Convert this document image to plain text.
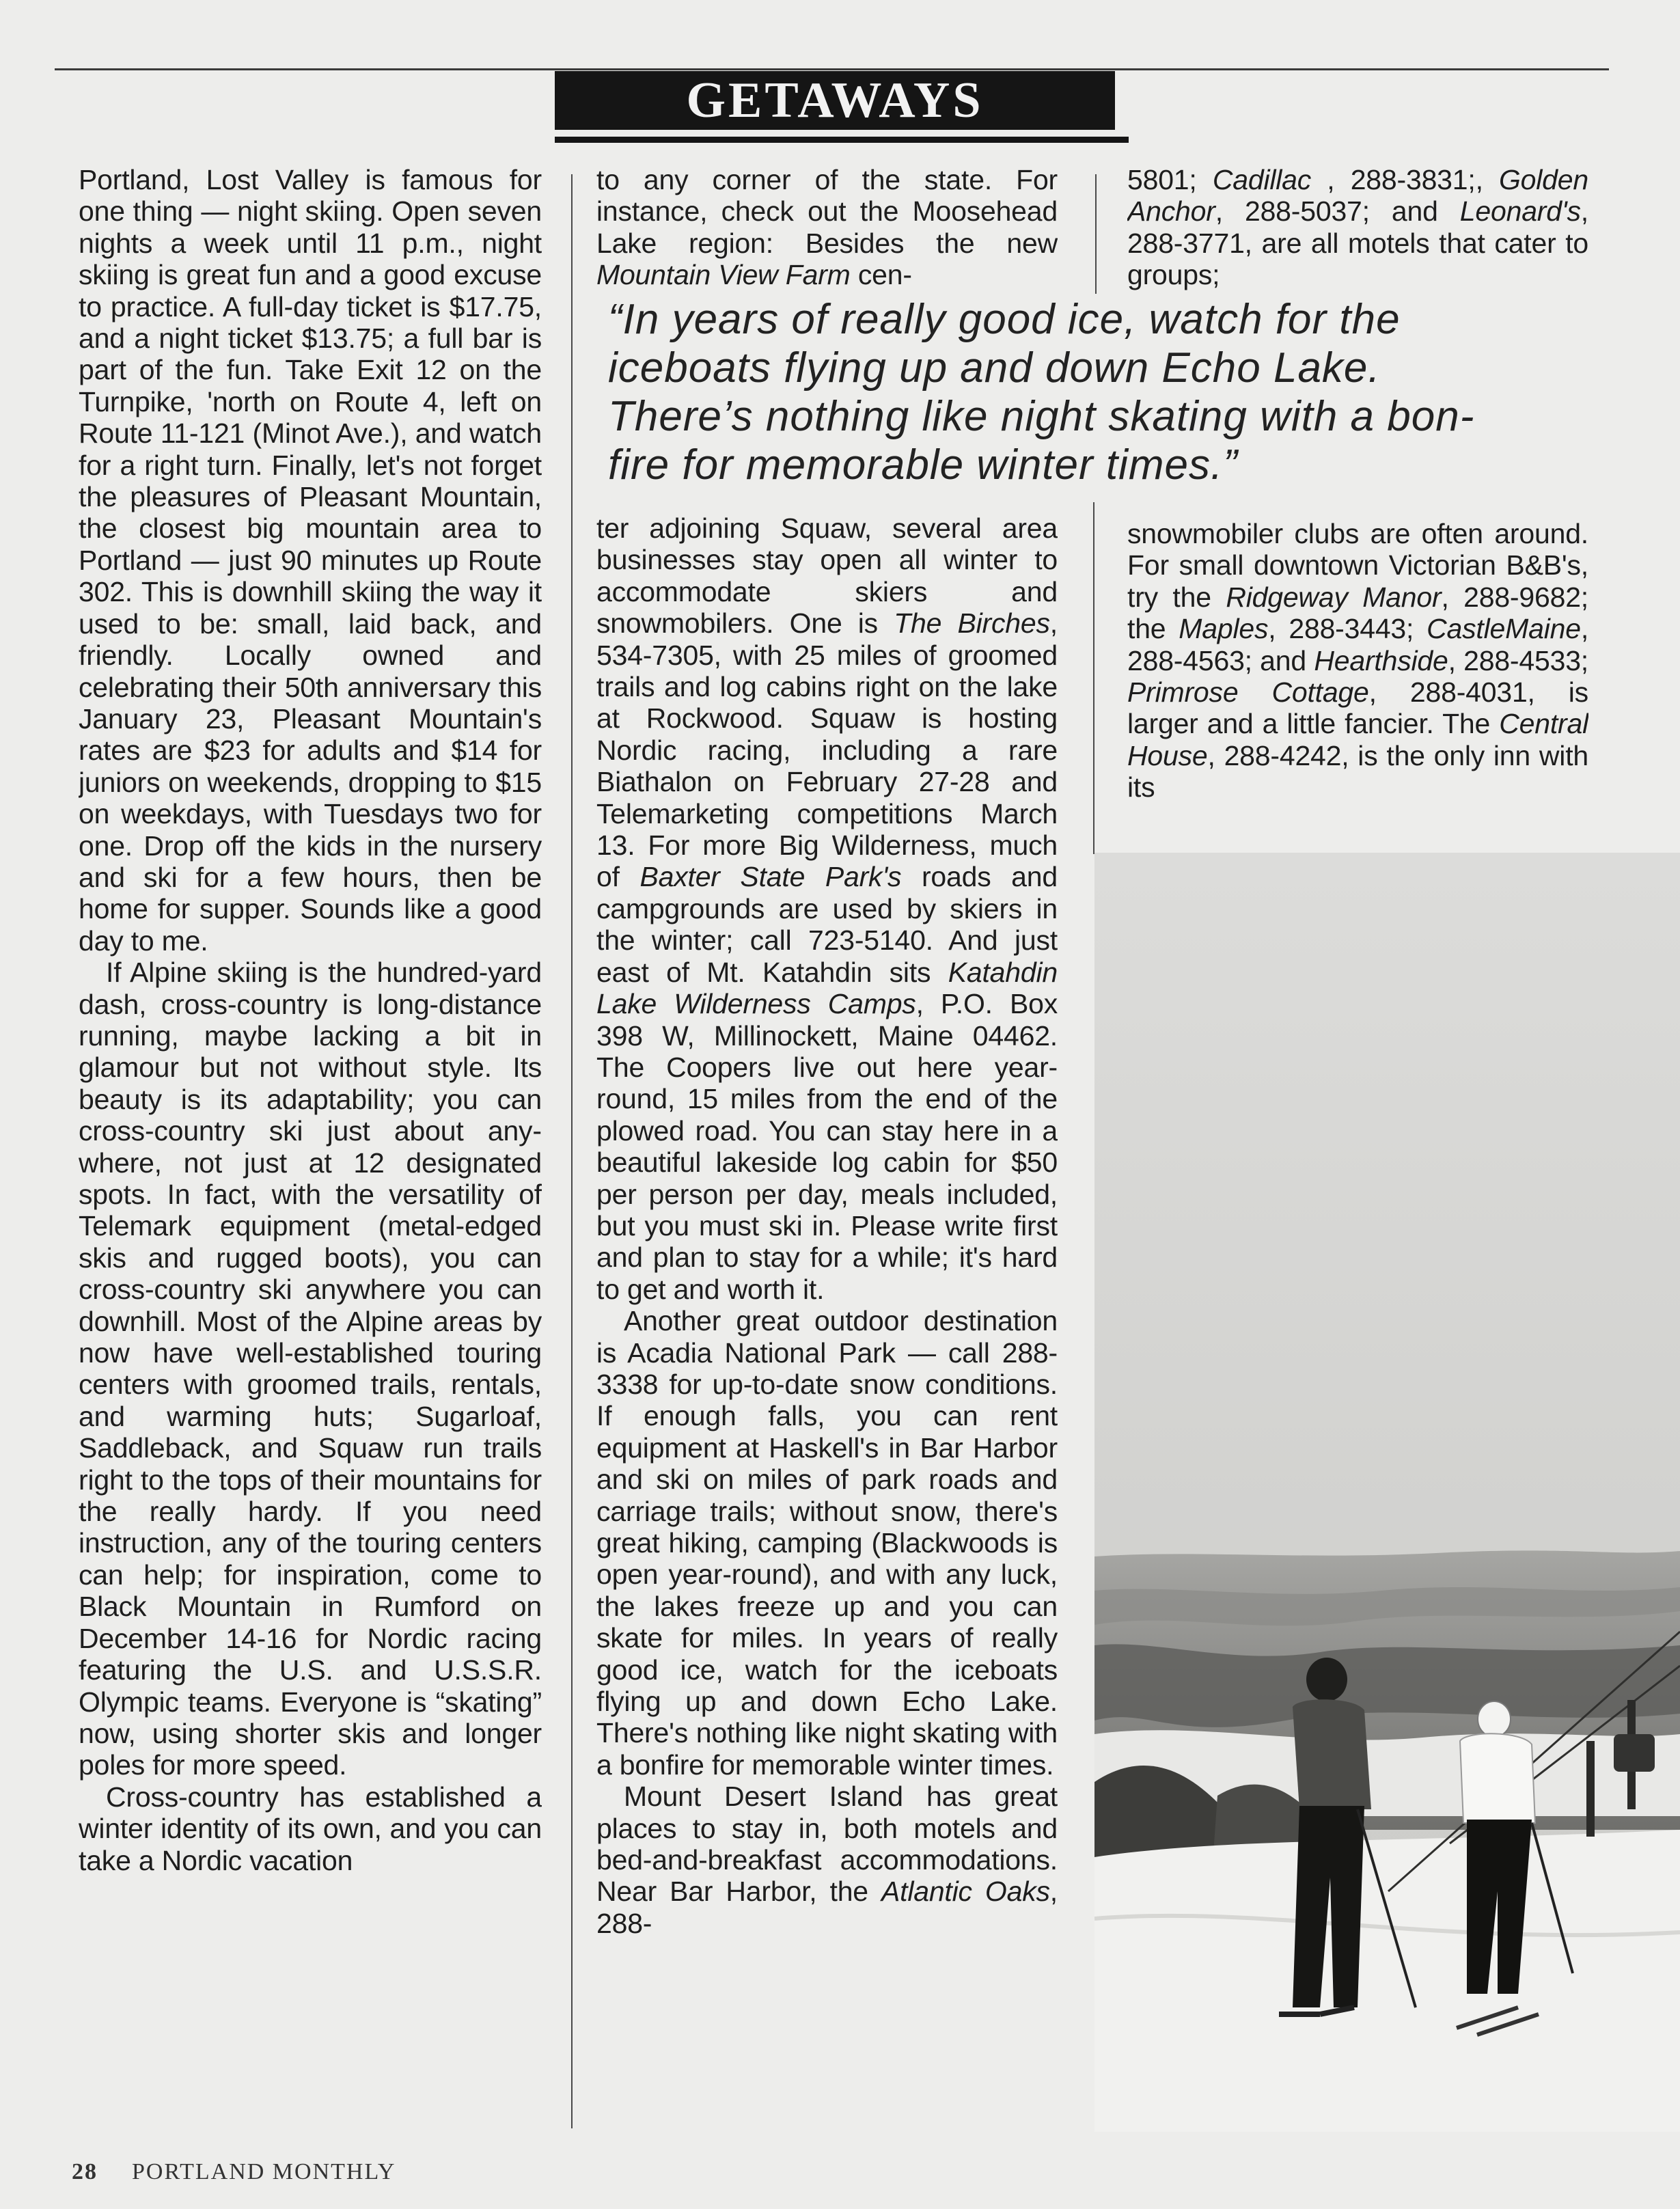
GETAWAYS

Portland, Lost Valley is famous for one thing — night skiing. Open seven nights a week until 11 p.m., night skiing is great fun and a good excuse to practice. A full-day ticket is $17.75, and a night ticket $13.75; a full bar is part of the fun. Take Exit 12 on the Turnpike, 'north on Route 4, left on Route 11-121 (Minot Ave.), and watch for a right turn. Finally, let's not forget the pleasures of Pleasant Mountain, the closest big mountain area to Portland — just 90 minutes up Route 302. This is downhill skiing the way it used to be: small, laid back, and friendly. Locally owned and celebrating their 50th anniversary this January 23, Pleasant Mountain's rates are $23 for adults and $14 for juniors on weekends, dropping to $15 on weekdays, with Tuesdays two for one. Drop off the kids in the nursery and ski for a few hours, then be home for supper. Sounds like a good day to me.

If Alpine skiing is the hundred-yard dash, cross-country is long-distance running, maybe lacking a bit in glamour but not without style. Its beauty is its adaptability; you can cross-country ski just about anywhere, not just at 12 designated spots. In fact, with the versatility of Telemark equipment (metal-edged skis and rugged boots), you can cross-country ski anywhere you can downhill. Most of the Alpine areas by now have well-established touring centers with groomed trails, rentals, and warming huts; Sugarloaf, Saddleback, and Squaw run trails right to the tops of their mountains for the really hardy. If you need instruction, any of the touring centers can help; for inspiration, come to Black Mountain in Rumford on December 14-16 for Nordic racing featuring the U.S. and U.S.S.R. Olympic teams. Everyone is “skating” now, using shorter skis and longer poles for more speed.

Cross-country has established a winter identity of its own, and you can take a Nordic vacation

to any corner of the state. For instance, check out the Moosehead Lake region: Besides the new Mountain View Farm cen-

5801; Cadillac , 288-3831;, Golden Anchor, 288-5037; and Leonard's, 288-3771, are all motels that cater to groups;

“In years of really good ice, watch for the
iceboats flying up and down Echo Lake.
There’s nothing like night skating with a bon-
fire for memorable winter times.”

ter adjoining Squaw, several area businesses stay open all winter to accommodate skiers and snowmobilers. One is The Birches, 534-7305, with 25 miles of groomed trails and log cabins right on the lake at Rockwood. Squaw is hosting Nordic racing, including a rare Biathalon on February 27-28 and Telemarketing competitions March 13. For more Big Wilderness, much of Baxter State Park's roads and campgrounds are used by skiers in the winter; call 723-5140. And just east of Mt. Katahdin sits Katahdin Lake Wilderness Camps, P.O. Box 398 W, Millinockett, Maine 04462. The Coopers live out here year-round, 15 miles from the end of the plowed road. You can stay here in a beautiful lakeside log cabin for $50 per person per day, meals included, but you must ski in. Please write first and plan to stay for a while; it's hard to get and worth it.

Another great outdoor destination is Acadia National Park — call 288-3338 for up-to-date snow conditions. If enough falls, you can rent equipment at Haskell's in Bar Harbor and ski on miles of park roads and carriage trails; without snow, there's great hiking, camping (Blackwoods is open year-round), and with any luck, the lakes freeze up and you can skate for miles. In years of really good ice, watch for the iceboats flying up and down Echo Lake. There's nothing like night skating with a bonfire for memorable winter times.

Mount Desert Island has great places to stay in, both motels and bed-and-breakfast accommodations. Near Bar Harbor, the Atlantic Oaks, 288-

snowmobiler clubs are often around. For small downtown Victorian B&B's, try the Ridgeway Manor, 288-9682; the Maples, 288-3443; CastleMaine, 288-4563; and Hearthside, 288-4533; Primrose Cottage, 288-4031, is larger and a little fancier. The Central House, 288-4242, is the only inn with its

28 PORTLAND MONTHLY
